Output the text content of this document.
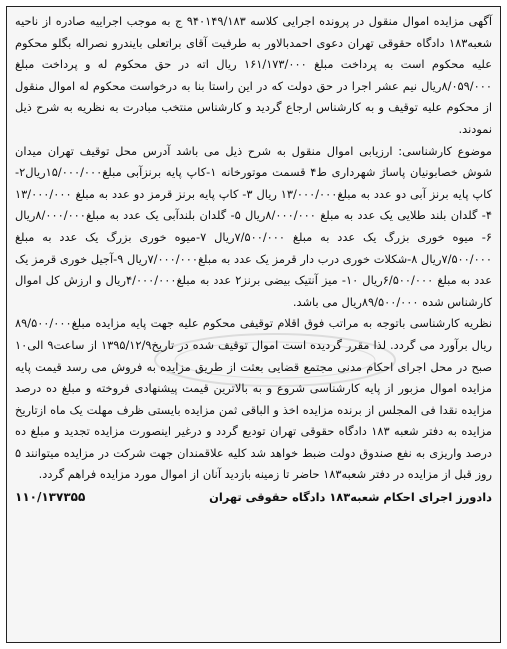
آگهی مزایده اموال منقول در پرونده اجرایی کلاسه ۹۴۰۱۴۹/۱۸۳ ج به موجب اجراییه صادره از ناحیه شعبه۱۸۳ دادگاه حقوقی تهران دعوی احمدبالاور به طرفیت آقای براتعلی بایندرو نصراله بگلو محکوم علیه محکوم است به پرداخت مبلغ ۱۶۱/۱۷۳/۰۰۰ ریال اته در حق محکوم له و پرداخت مبلغ ۸/۰۵۹/۰۰۰ریال نیم عشر اجرا در حق دولت که در این راستا بنا به درخواست محکوم له اموال منقول از محکوم علیه توقیف و به کارشناس ارجاع گردید و کارشناس منتخب مبادرت به نظریه به شرح ذیل نمودند.

موضوع کارشناسی: ارزیابی اموال منقول به شرح ذیل می باشد آدرس محل توقیف تهران میدان شوش خصابونیان پاساژ شهرداری ط۴ قسمت موتورخانه ۱-کاپ پایه برنزآبی مبلغ۱۵/۰۰۰/۰۰۰ریال۲-کاپ پایه برنز آبی دو عدد به مبلغ۱۳/۰۰۰/۰۰۰ ریال ۳- کاپ پایه برنز قرمز دو عدد به مبلغ ۱۳/۰۰۰/۰۰۰ ۴- گلدان بلند طلایی یک عدد به مبلغ ۸/۰۰۰/۰۰۰ریال ۵- گلدان بلندآبی یک عدد به مبلغ۸/۰۰۰/۰۰۰ریال ۶- میوه خوری بزرگ یک عدد به مبلغ ۷/۵۰۰/۰۰۰ریال ۷-میوه خوری بزرگ یک عدد به مبلغ ۷/۵۰۰/۰۰۰ریال ۸-شکلات خوری درب دار قرمز یک عدد به مبلغ۷/۰۰۰/۰۰۰ریال ۹-آجیل خوری قرمز یک عدد به مبلغ ۶/۵۰۰/۰۰۰ریال ۱۰- میز آنتیک بیضی برنز۲ عدد به مبلغ۴/۰۰۰/۰۰۰ریال و ارزش کل اموال کارشناس شده ۸۹/۵۰۰/۰۰۰ریال می باشد.

نظریه کارشناسی باتوجه به مراتب فوق اقلام توقیفی محکوم علیه جهت پایه مزایده مبلغ۸۹/۵۰۰/۰۰۰ ریال برآورد می گردد. لذا مقرر گردیده است اموال توقیف شده در تاریخ۱۳۹۵/۱۲/۹ از ساعت۹ الی۱۰ صبح در محل اجرای احکام مدنی مجتمع قضایی بعثت از طریق مزایده به فروش می رسد قیمت پایه مزایده اموال مزبور از پایه کارشناسی شروع و به بالاترین قیمت پیشنهادی فروخته و مبلغ ده درصد مزایده نقدا فی المجلس از برنده مزایده اخذ و الباقی ثمن مزایده بایستی ظرف مهلت یک ماه ازتاریخ مزایده به دفتر شعبه ۱۸۳ دادگاه حقوقی تهران تودیع گردد و درغیر اینصورت مزایده تجدید و مبلغ ده درصد واریزی به نفع صندوق دولت ضبط خواهد شد کلیه علاقمندان جهت شرکت در مزایده میتوانند ۵ روز قبل از مزایده در دفتر شعبه۱۸۳ حاضر تا زمینه بازدید آنان از اموال مورد مزایده فراهم گردد.

دادورز اجرای احکام شعبه۱۸۳ دادگاه حقوقی تهران
۱۱۰/۱۳۷۳۵۵
